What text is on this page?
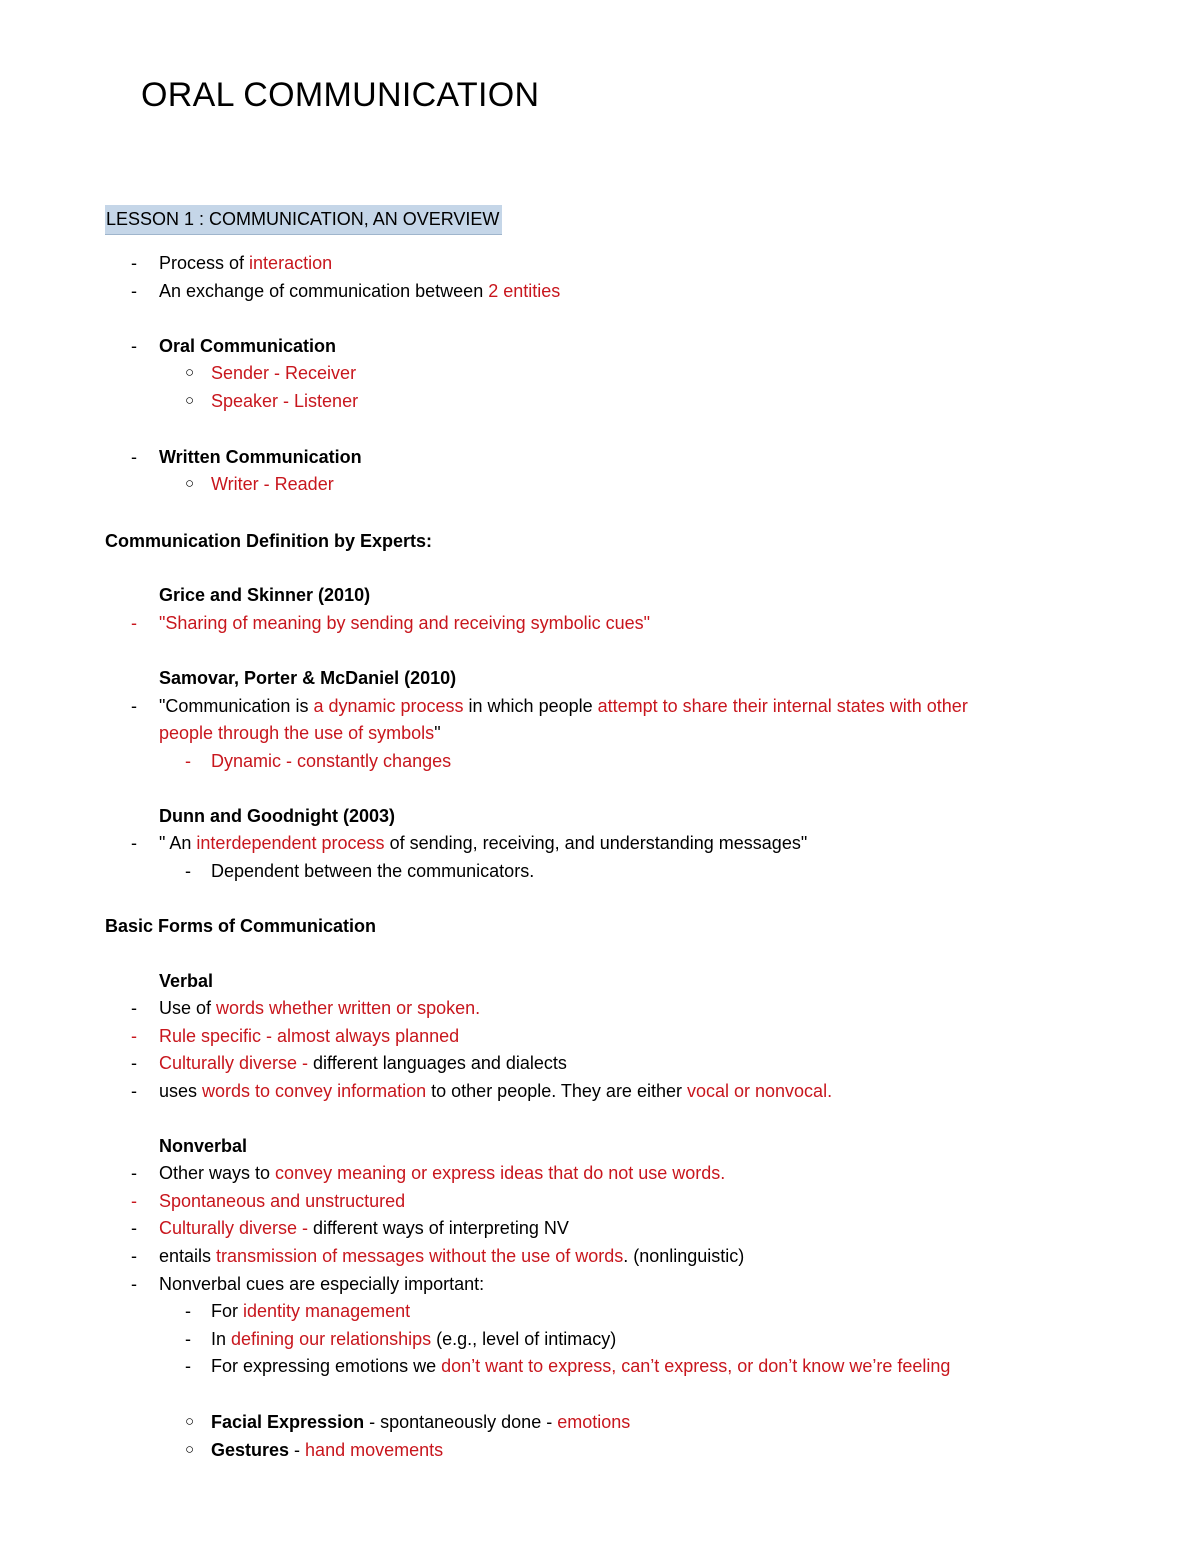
ORAL COMMUNICATION
LESSON 1 : COMMUNICATION, AN OVERVIEW
-	Process of interaction
-	An exchange of communication between 2 entities
-	Oral Communication
○ Sender - Receiver
○ Speaker - Listener
-	Written Communication
○ Writer - Reader
Communication Definition by Experts:
Grice and Skinner (2010)
-	"Sharing of meaning by sending and receiving symbolic cues"
Samovar, Porter & McDaniel (2010)
-	"Communication is a dynamic process in which people attempt to share their internal states with other
people through the use of symbols"
-	Dynamic - constantly changes
Dunn and Goodnight (2003)
-	" An interdependent process of sending, receiving, and understanding messages"
-	Dependent between the communicators.
Basic Forms of Communication
Verbal
-	Use of words whether written or spoken.
-	Rule specific - almost always planned
-	Culturally diverse - different languages and dialects
-	uses words to convey information to other people. They are either vocal or nonvocal.
Nonverbal
-	Other ways to convey meaning or express ideas that do not use words.
-	Spontaneous and unstructured
-	Culturally diverse - different ways of interpreting NV
-	entails transmission of messages without the use of words. (nonlinguistic)
-	Nonverbal cues are especially important:
-	For identity management
-	In defining our relationships (e.g., level of intimacy)
-	For expressing emotions we don’t want to express, can’t express, or don’t know we’re feeling
○ Facial Expression - spontaneously done - emotions
○ Gestures - hand movements
